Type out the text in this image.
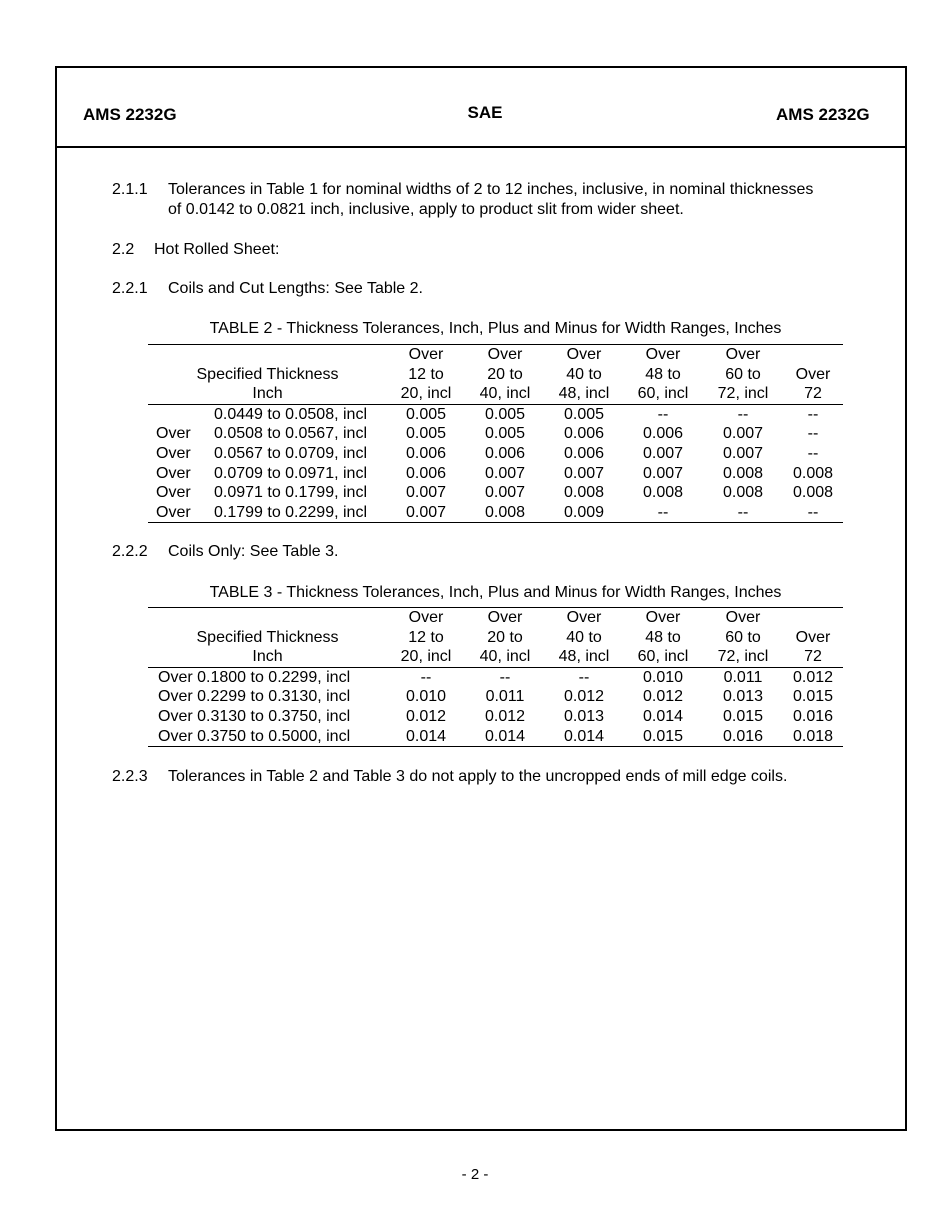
AMS 2232G	SAE	AMS 2232G
2.1.1 Tolerances in Table 1 for nominal widths of 2 to 12 inches, inclusive, in nominal thicknesses
of 0.0142 to 0.0821 inch, inclusive, apply to product slit from wider sheet.
2.2 Hot Rolled Sheet:
2.2.1 Coils and Cut Lengths: See Table 2.
TABLE 2 - Thickness Tolerances, Inch, Plus and Minus for Width Ranges, Inches
	Over	Over	Over	Over	Over	
Specified Thickness	12 to	20 to	40 to	48 to	60 to	Over
Inch	20, incl	40, incl	48, incl	60, incl	72, incl	72

0.0449 to 0.0508, incl	0.005	0.005	0.005	--	--	--

Over 0.0508 to 0.0567, incl	0.005	0.005	0.006	0.006	0.007	--

Over 0.0567 to 0.0709, incl	0.006	0.006	0.006	0.007	0.007	--

Over 0.0709 to 0.0971, incl	0.006	0.007	0.007	0.007	0.008	0.008

Over 0.0971 to 0.1799, incl	0.007	0.007	0.008	0.008	0.008	0.008

Over 0.1799 to 0.2299, incl	0.007	0.008	0.009	--	--	--
2.2.2 Coils Only: See Table 3.
TABLE 3 - Thickness Tolerances, Inch, Plus and Minus for Width Ranges, Inches
	Over	Over	Over	Over	Over	
Specified Thickness	12 to	20 to	40 to	48 to	60 to	Over
Inch	20, incl	40, incl	48, incl	60, incl	72, incl	72
Over 0.1800 to 0.2299, incl	--	--	--	0.010	0.011	0.012
Over 0.2299 to 0.3130, incl	0.010	0.011	0.012	0.012	0.013	0.015
Over 0.3130 to 0.3750, incl	0.012	0.012	0.013	0.014	0.015	0.016
Over 0.3750 to 0.5000, incl	0.014	0.014	0.014	0.015	0.016	0.018
2.2.3 Tolerances in Table 2 and Table 3 do not apply to the uncropped ends of mill edge coils.
- 2 -
